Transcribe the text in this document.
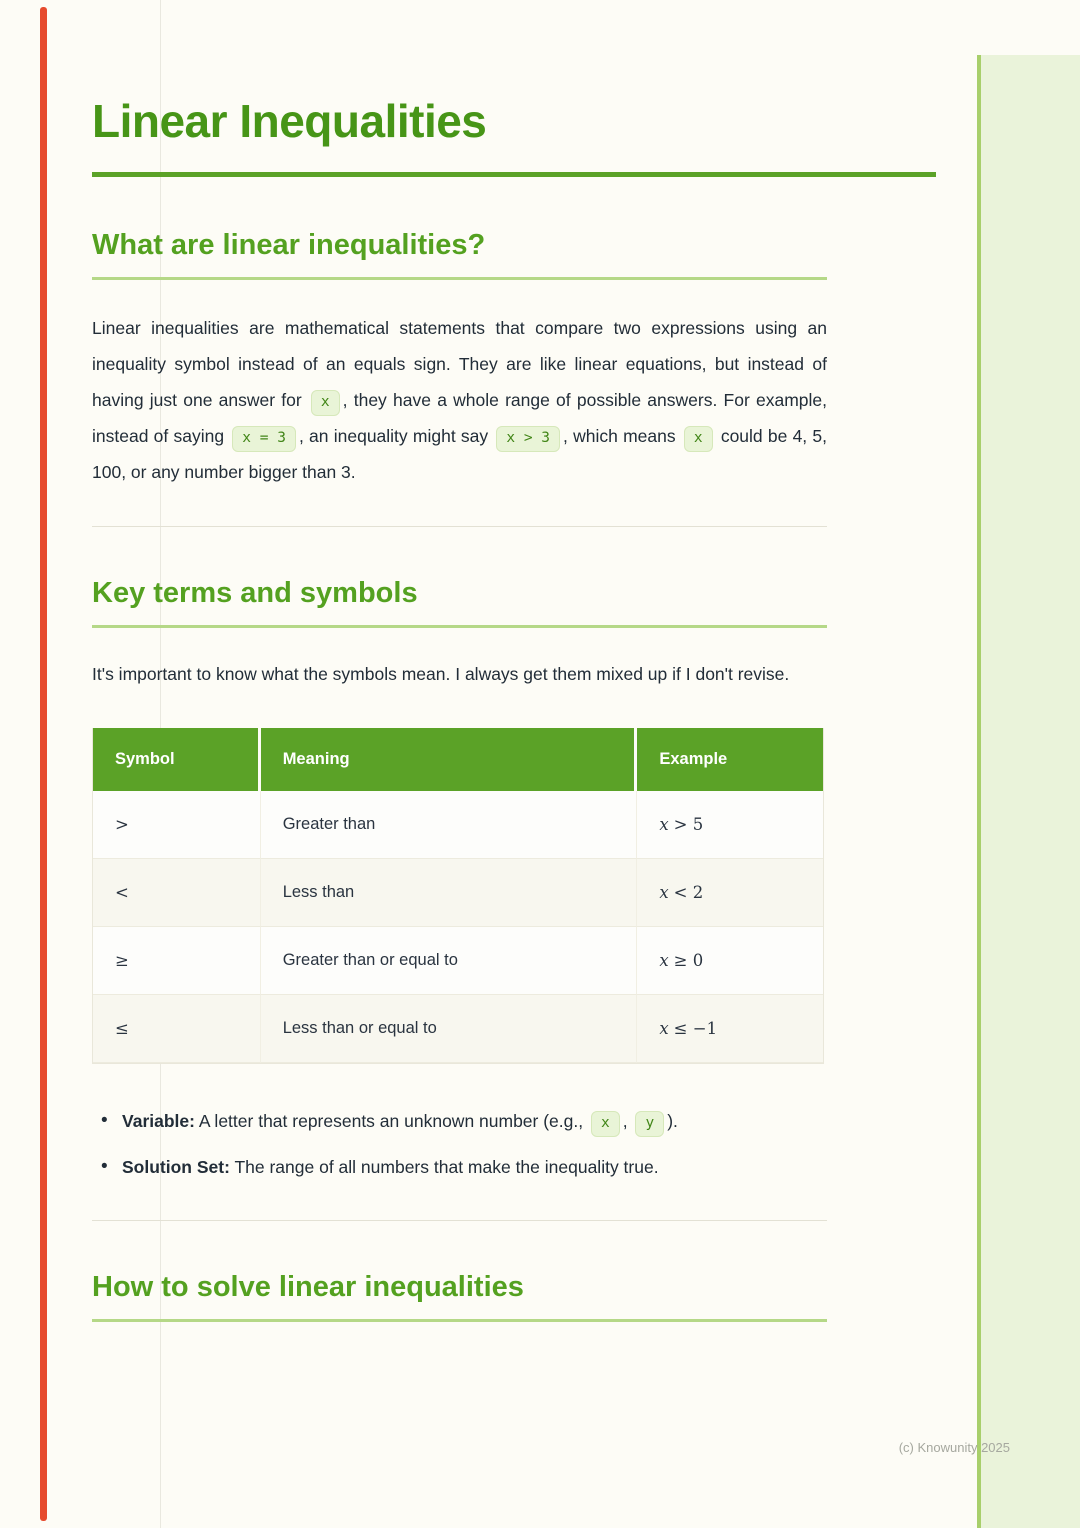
Linear Inequalities
What are linear inequalities?

Linear inequalities are mathematical statements that compare two expressions using an inequality symbol instead of an equals sign. They are like linear equations, but instead of having just one answer for x , they have a whole range of possible answers. For example, instead of saying x = 3 , an inequality might say x > 3 , which means x could be 4, 5, 100, or any number bigger than 3.

Key terms and symbols

It's important to know what the symbols mean. I always get them mixed up if I don't revise.

Symbol	Meaning	Example
>	Greater than	x > 5
<	Less than	x < 2
≥	Greater than or equal to	x ≥ 0
≤	Less than or equal to	x ≤ −1
• Variable: A letter that represents an unknown number (e.g., x , y ).
• Solution Set: The range of all numbers that make the inequality true.
How to solve linear inequalities
(c) Knowunity 2025
